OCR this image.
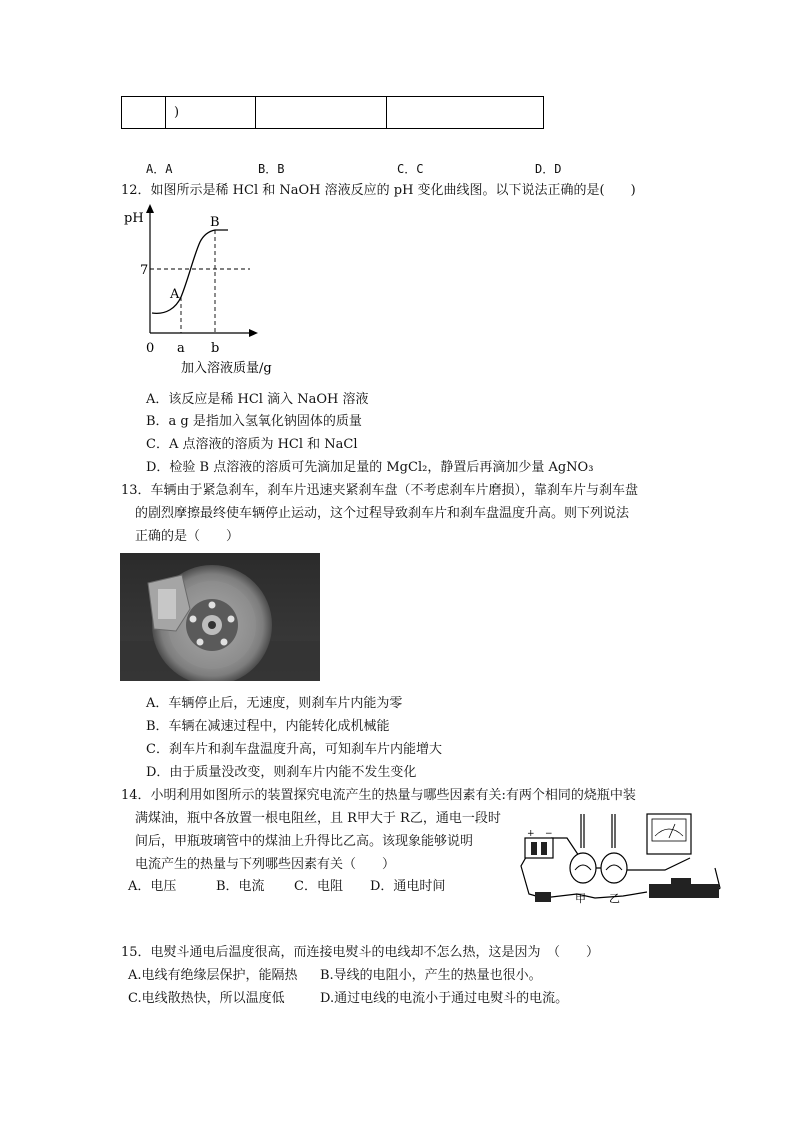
	)		
A．A	B．B	C．C	D．D
12．如图所示是稀 HCl 和 NaOH 溶液反应的 pH 变化曲线图。以下说法正确的是(　　)
pH
7
A
B
0 a b
加入溶液质量/g
A．该反应是稀 HCl 滴入 NaOH 溶液
B．a g 是指加入氢氧化钠固体的质量
C．A 点溶液的溶质为 HCl 和 NaCl
D．检验 B 点溶液的溶质可先滴加足量的 MgCl₂，静置后再滴加少量 AgNO₃
13．车辆由于紧急刹车，刹车片迅速夹紧刹车盘（不考虑刹车片磨损），靠刹车片与刹车盘
的剧烈摩擦最终使车辆停止运动，这个过程导致刹车片和刹车盘温度升高。则下列说法
正确的是（　　）
A．车辆停止后，无速度，则刹车片内能为零
B．车辆在减速过程中，内能转化成机械能
C．刹车片和刹车盘温度升高，可知刹车片内能增大
D．由于质量没改变，则刹车片内能不发生变化
14．小明利用如图所示的装置探究电流产生的热量与哪些因素有关:有两个相同的烧瓶中装
满煤油，瓶中各放置一根电阻丝，且 R甲大于 R乙，通电一段时
间后，甲瓶玻璃管中的煤油上升得比乙高。该现象能够说明
电流产生的热量与下列哪些因素有关（　　）
A．电压	B．电流 C．电阻 D．通电时间
+ −
甲 乙
15．电熨斗通电后温度很高，而连接电熨斗的电线却不怎么热，这是因为　（　　）
A.电线有绝缘层保护，能隔热 B.导线的电阻小，产生的热量也很小。
C.电线散热快，所以温度低	D.通过电线的电流小于通过电熨斗的电流。
